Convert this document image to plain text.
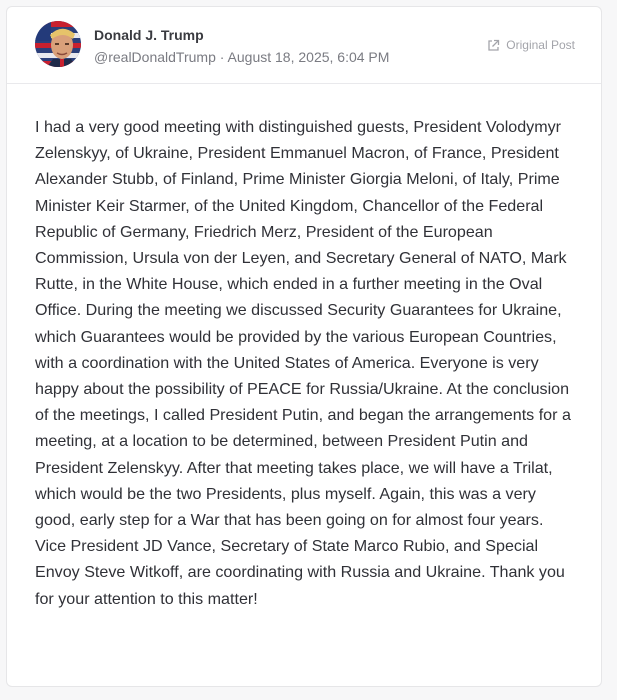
Donald J. Trump
@realDonaldTrump · August 18, 2025, 6:04 PM
Original Post
I had a very good meeting with distinguished guests, President Volodymyr Zelenskyy, of Ukraine, President Emmanuel Macron, of France, President Alexander Stubb, of Finland, Prime Minister Giorgia Meloni, of Italy, Prime Minister Keir Starmer, of the United Kingdom, Chancellor of the Federal Republic of Germany, Friedrich Merz, President of the European Commission, Ursula von der Leyen, and Secretary General of NATO, Mark Rutte, in the White House, which ended in a further meeting in the Oval Office. During the meeting we discussed Security Guarantees for Ukraine, which Guarantees would be provided by the various European Countries, with a coordination with the United States of America. Everyone is very happy about the possibility of PEACE for Russia/Ukraine. At the conclusion of the meetings, I called President Putin, and began the arrangements for a meeting, at a location to be determined, between President Putin and President Zelenskyy. After that meeting takes place, we will have a Trilat, which would be the two Presidents, plus myself. Again, this was a very good, early step for a War that has been going on for almost four years. Vice President JD Vance, Secretary of State Marco Rubio, and Special Envoy Steve Witkoff, are coordinating with Russia and Ukraine. Thank you for your attention to this matter!
